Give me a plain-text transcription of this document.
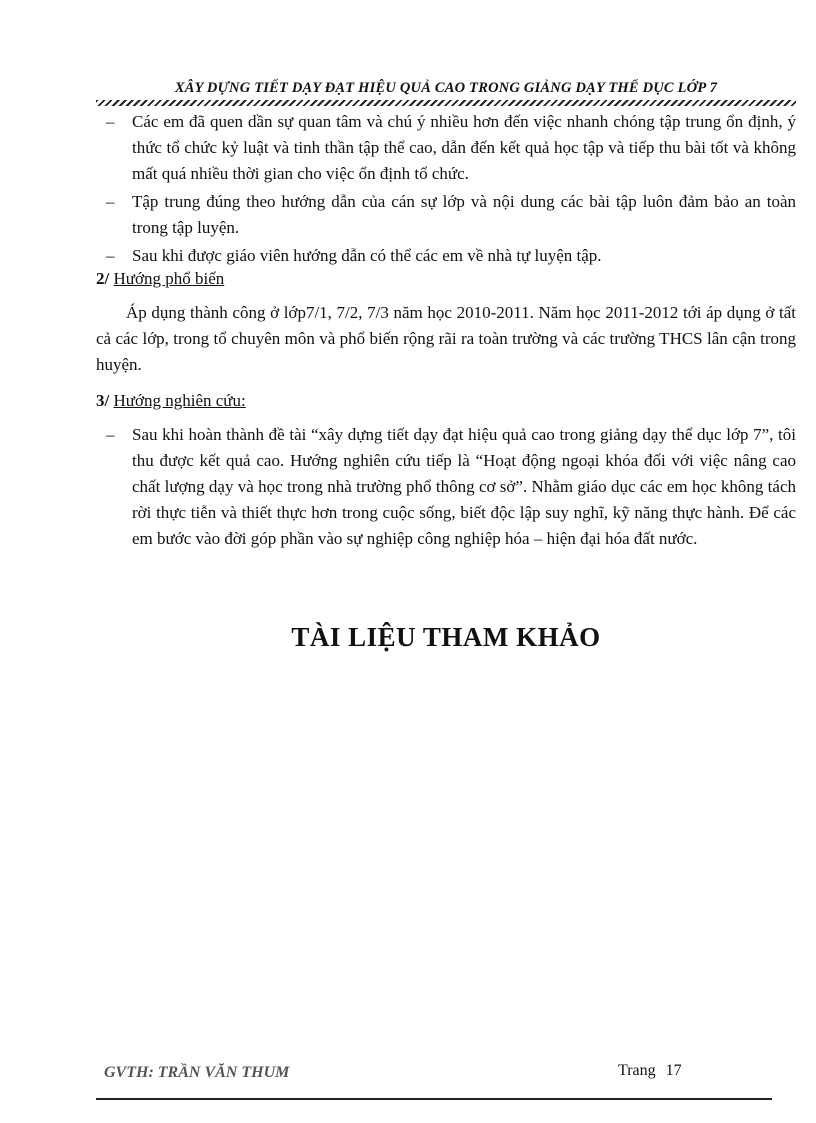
XÂY DỰNG TIẾT DẠY ĐẠT HIỆU QUẢ CAO TRONG GIẢNG DẠY THỂ DỤC LỚP 7
– Các em đã quen dần sự quan tâm và chú ý nhiều hơn đến việc nhanh chóng tập trung ổn định, ý thức tổ chức kỷ luật và tinh thần tập thể cao, dẫn đến kết quả học tập và tiếp thu bài tốt và không mất quá nhiều thời gian cho việc ổn định tổ chức.
– Tập trung đúng theo hướng dẫn của cán sự lớp và nội dung các bài tập luôn đảm bảo an toàn trong tập luyện.
– Sau khi được giáo viên hướng dẫn có thể các em về nhà tự luyện tập.
2/ Hướng phổ biến
Áp dụng thành công ở lớp7/1, 7/2, 7/3 năm học 2010-2011. Năm học 2011-2012 tới áp dụng ở tất cả các lớp, trong tổ chuyên môn và phổ biến rộng rãi ra toàn trường và các trường THCS lân cận trong huyện.
3/ Hướng nghiên cứu:
– Sau khi hoàn thành đề tài “xây dựng tiết dạy đạt hiệu quả cao trong giảng dạy thể dục lớp 7”, tôi thu được kết quả cao. Hướng nghiên cứu tiếp là “Hoạt động ngoại khóa đối với việc nâng cao chất lượng dạy và học trong nhà trường phổ thông cơ sở”. Nhằm giáo dục các em học không tách rời thực tiễn và thiết thực hơn trong cuộc sống, biết độc lập suy nghĩ, kỹ năng thực hành. Để các em bước vào đời góp phần vào sự nghiệp công nghiệp hóa – hiện đại hóa đất nước.
TÀI LIỆU THAM KHẢO
GVTH: TRẦN VĂN THUM	Trang 17
